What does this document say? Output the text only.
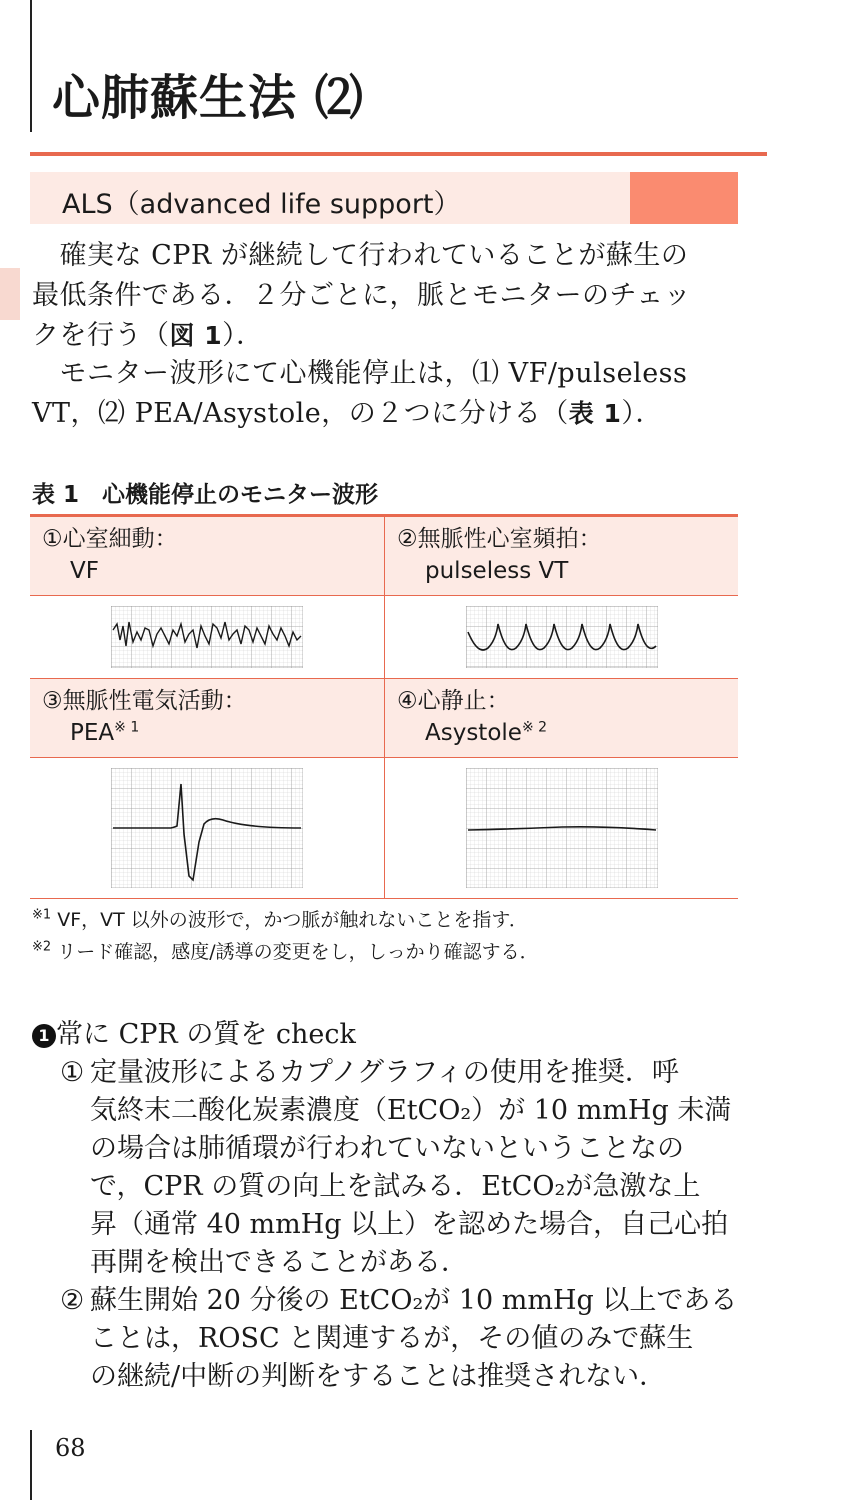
心肺蘇生法 ⑵
ALS（advanced life support）

　確実な CPR が継続して行われていることが蘇生の
最低条件である．２分ごとに，脈とモニターのチェッ
クを行う（図 1）．

　モニター波形にて心機能停止は，⑴ VF/pulseless
VT，⑵ PEA/Asystole，の２つに分ける（表 1）．

表 1　心機能停止のモニター波形

①心室細動：
VF
②無脈性心室頻拍：
pulseless VT
③無脈性電気活動：
PEA$^{※ 1}$
④心静止：
Asystole$^{※ 2}$
$^{※1}$ VF，VT 以外の波形で，かつ脈が触れないことを指す．
$^{※2}$ リード確認，感度/誘導の変更をし，しっかり確認する．
1 常に CPR の質を check
① 定量波形によるカプノグラフィの使用を推奨．呼
気終末二酸化炭素濃度（EtCO₂）が 10 mmHg 未満
の場合は肺循環が行われていないということなの
で，CPR の質の向上を試みる．EtCO₂が急激な上
昇（通常 40 mmHg 以上）を認めた場合，自己心拍
再開を検出できることがある．
② 蘇生開始 20 分後の EtCO₂が 10 mmHg 以上である
ことは，ROSC と関連するが，その値のみで蘇生
の継続/中断の判断をすることは推奨されない．
68
